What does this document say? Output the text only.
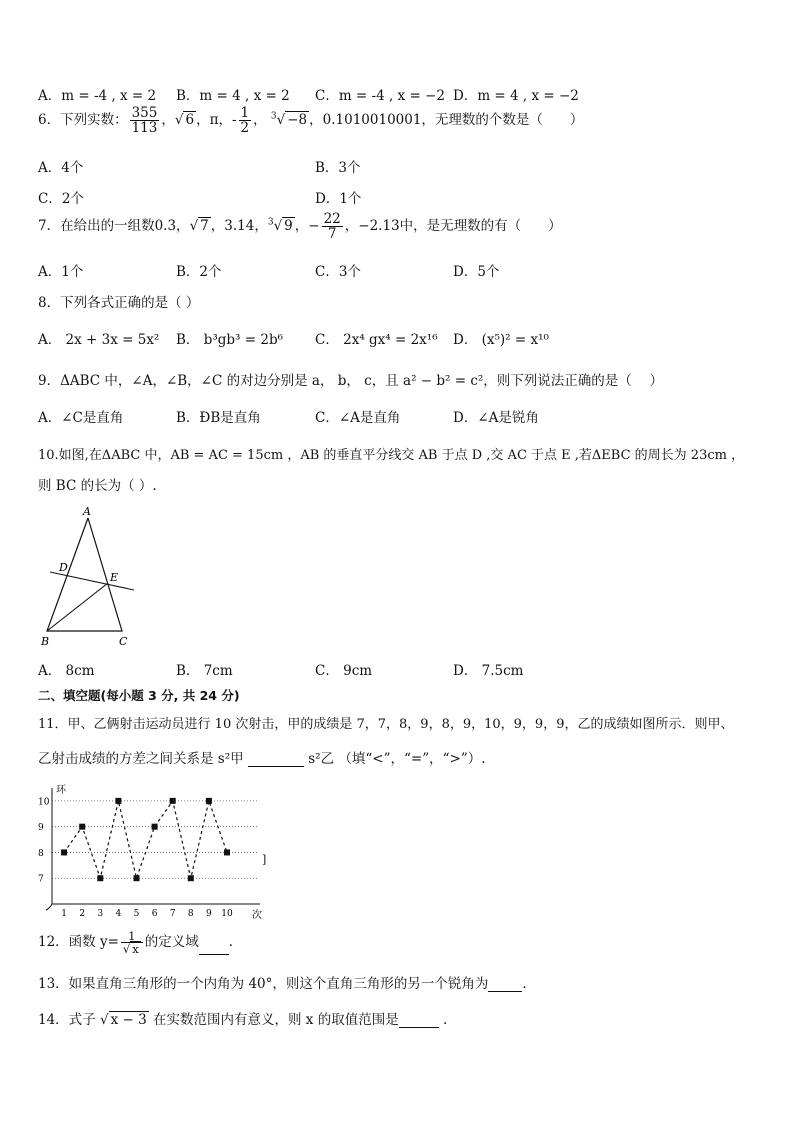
A．m = -4 , x = 2 B．m = 4 , x = 2 C．m = -4 , x = −2 D．m = 4 , x = −2
6．下列实数： $\frac{355}{113}$ ，√ 6 ，π，- $\frac{1}{2}$ ， $^3$√ −8 ，0.1010010001，无理数的个数是（　　）
A．4个	B．3个
C．2个	D．1个
7．在给出的一组数0.3，√ 7 ，3.14，$^3$√ 9 ，− $\frac{22}{7}$ ，−2.13中，是无理数的有（　　）
A．1个	B．2个	C．3个	D．5个
8．下列各式正确的是（ ）
A． 2x + 3x = 5x² B． b³gb³ = 2b⁶ C． 2x⁴ gx⁴ = 2x¹⁶ D． (x⁵)² = x¹⁰
9．ΔABC 中，∠A，∠B，∠C 的对边分别是 a， b， c，且 a² − b² = c²，则下列说法正确的是（　 ）
A．∠C是直角	B．ÐB是直角	C．∠A是直角	D．∠A是锐角
10.如图,在ΔABC 中，AB = AC = 15cm ，AB 的垂直平分线交 AB 于点 D ,交 AC 于点 E ,若ΔEBC 的周长为 23cm ，
则 BC 的长为（ ）.
A
D
E
B	C
A． 8cm	B． 7cm	C． 9cm	D． 7.5cm
二、填空题(每小题 3 分, 共 24 分)
11．甲、乙俩射击运动员进行 10 次射击，甲的成绩是 7，7，8，9，8，9，10，9，9，9，乙的成绩如图所示．则甲、
乙射击成绩的方差之间关系是 s²甲	s²乙 （填“<”，“=”，“>”）.
环
次
7
8
9
10
1 2 3 4 5 6 7 8 9 10
]
12．函数 $y= \frac{1}{√ x}$ 的定义域 ．
13．如果直角三角形的一个内角为 40°，则这个直角三角形的另一个锐角为	.
14．式子 √ x − 3 在实数范围内有意义，则 x 的取值范围是	.
